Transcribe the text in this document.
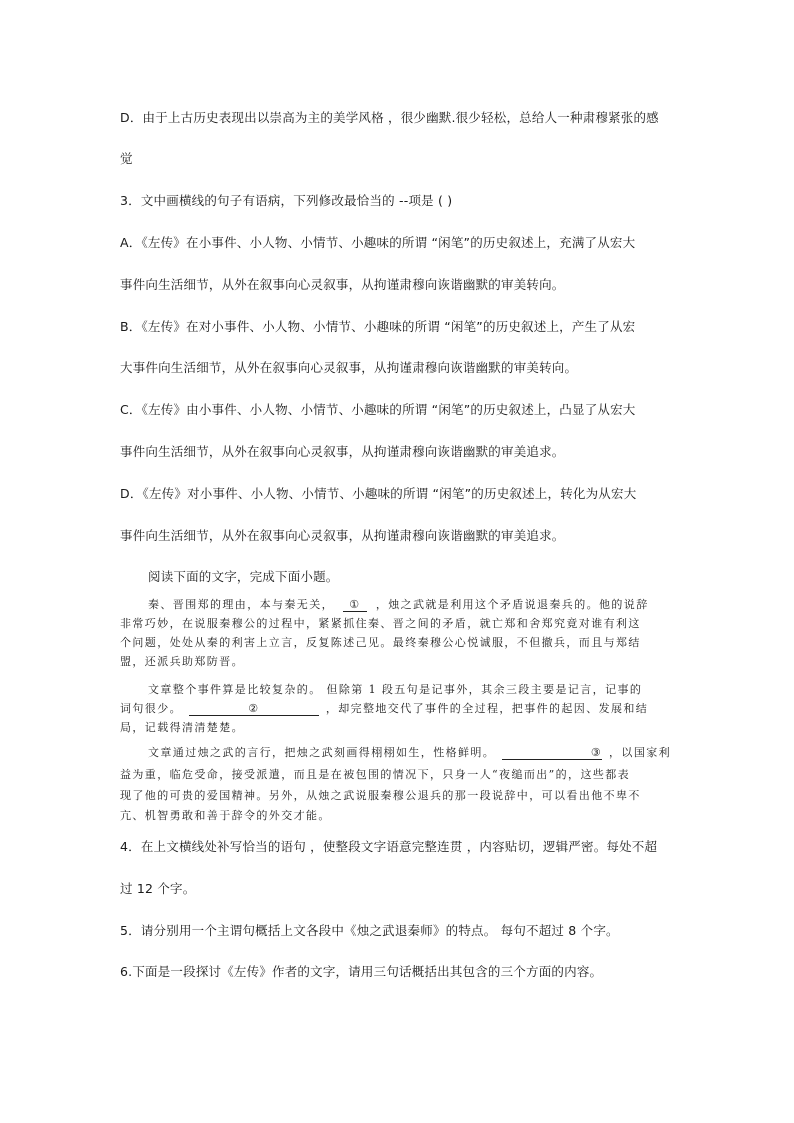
D．由于上古历史表现出以崇高为主的美学风格 ，很少幽默.很少轻松，总给人一种肃穆紧张的感
觉
3．文中画横线的句子有语病，下列修改最恰当的 --项是 ( )
A．《左传》在小事件、小人物、小情节、小趣味的所谓 “闲笔”的历史叙述上，充满了从宏大
事件向生活细节，从外在叙事向心灵叙事，从拘谨肃穆向诙谐幽默的审美转向。
B．《左传》在对小事件、小人物、小情节、小趣味的所谓 “闲笔”的历史叙述上，产生了从宏
大事件向生活细节，从外在叙事向心灵叙事，从拘谨肃穆向诙谐幽默的审美转向。
C．《左传》由小事件、小人物、小情节、小趣味的所谓 “闲笔”的历史叙述上，凸显了从宏大
事件向生活细节，从外在叙事向心灵叙事，从拘谨肃穆向诙谐幽默的审美追求。
D．《左传》对小事件、小人物、小情节、小趣味的所谓 “闲笔”的历史叙述上，转化为从宏大
事件向生活细节，从外在叙事向心灵叙事，从拘谨肃穆向诙谐幽默的审美追求。
阅读下面的文字，完成下面小题。
秦、晋围郑的理由，本与秦无关， ① ，烛之武就是利用这个矛盾说退秦兵的。他的说辞
非常巧妙，在说服秦穆公的过程中，紧紧抓住秦、晋之间的矛盾，就亡郑和舍郑究竟对谁有利这
个问题，处处从秦的利害上立言，反复陈述己见。最终秦穆公心悦诚服，不但撤兵，而且与郑结
盟，还派兵助郑防晋。
文章整个事件算是比较复杂的。 但除第 1 段五句是记事外，其余三段主要是记言，记事的
词句很少。	②	，却完整地交代了事件的全过程，把事件的起因、发展和结
局，记载得清清楚楚。
文章通过烛之武的言行，把烛之武刻画得栩栩如生，性格鲜明。	③ ，以国家利
益为重，临危受命，接受派遣，而且是在被包围的情况下，只身一人“夜缒而出”的，这些都表
现了他的可贵的爱国精神。另外，从烛之武说服秦穆公退兵的那一段说辞中，可以看出他不卑不
亢、机智勇敢和善于辞令的外交才能。
4．在上文横线处补写恰当的语句 ，使整段文字语意完整连贯 ，内容贴切，逻辑严密。每处不超
过 12 个字。
5．请分别用一个主谓句概括上文各段中《烛之武退秦师》的特点。 每句不超过 8 个字。
6.下面是一段探讨《左传》作者的文字，请用三句话概括出其包含的三个方面的内容。
